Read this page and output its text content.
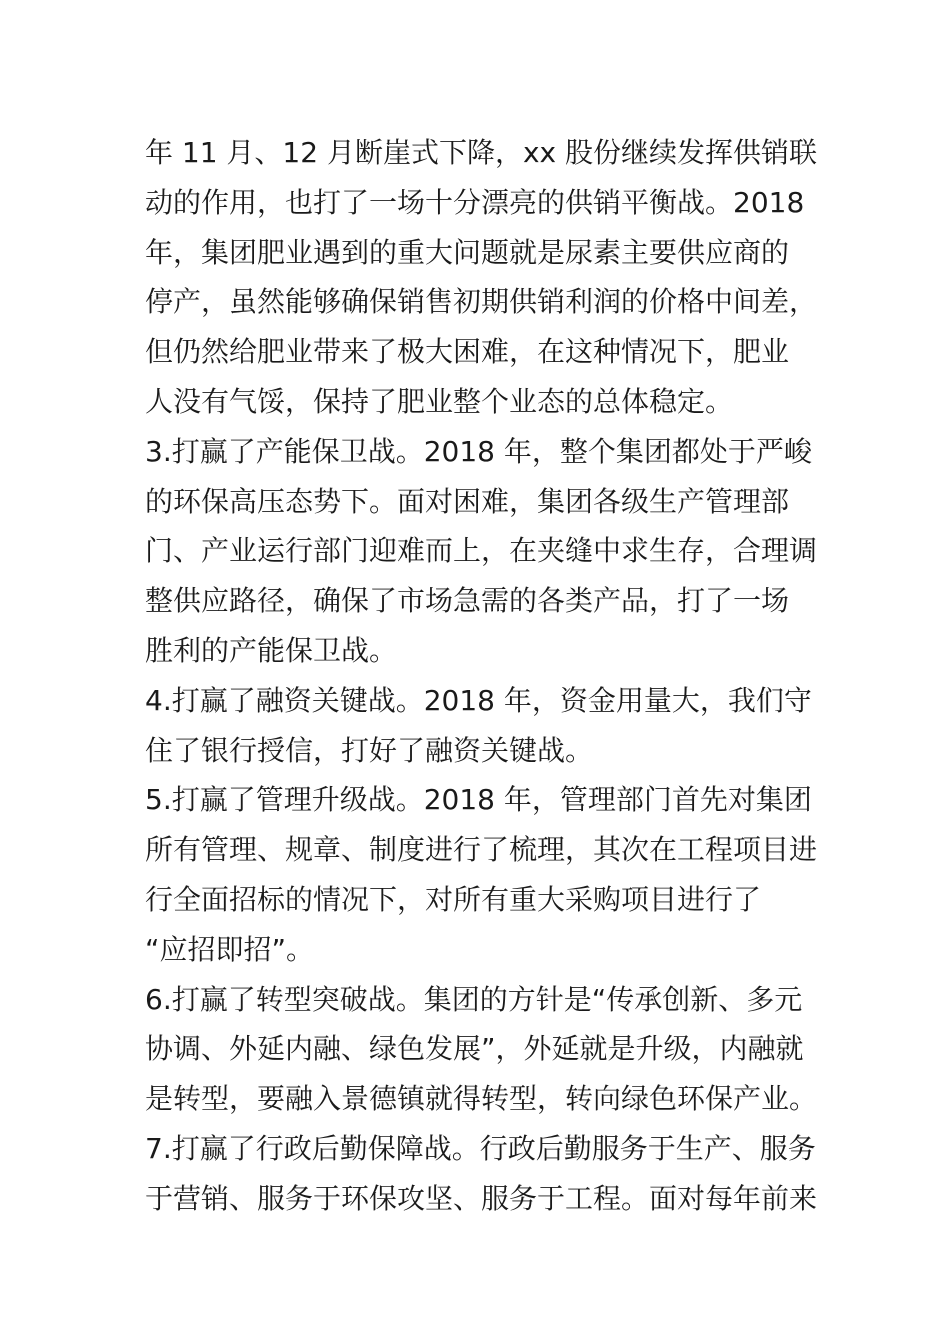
年 11 月、12 月断崖式下降，xx 股份继续发挥供销联
动的作用，也打了一场十分漂亮的供销平衡战。2018
年，集团肥业遇到的重大问题就是尿素主要供应商的
停产，虽然能够确保销售初期供销利润的价格中间差，
但仍然给肥业带来了极大困难，在这种情况下，肥业
人没有气馁，保持了肥业整个业态的总体稳定。
3.打赢了产能保卫战。2018 年，整个集团都处于严峻
的环保高压态势下。面对困难，集团各级生产管理部
门、产业运行部门迎难而上，在夹缝中求生存，合理调
整供应路径，确保了市场急需的各类产品，打了一场
胜利的产能保卫战。
4.打赢了融资关键战。2018 年，资金用量大，我们守
住了银行授信，打好了融资关键战。
5.打赢了管理升级战。2018 年，管理部门首先对集团
所有管理、规章、制度进行了梳理，其次在工程项目进
行全面招标的情况下，对所有重大采购项目进行了
“应招即招”。
6.打赢了转型突破战。集团的方针是“传承创新、多元
协调、外延内融、绿色发展”，外延就是升级，内融就
是转型，要融入景德镇就得转型，转向绿色环保产业。
7.打赢了行政后勤保障战。行政后勤服务于生产、服务
于营销、服务于环保攻坚、服务于工程。面对每年前来
